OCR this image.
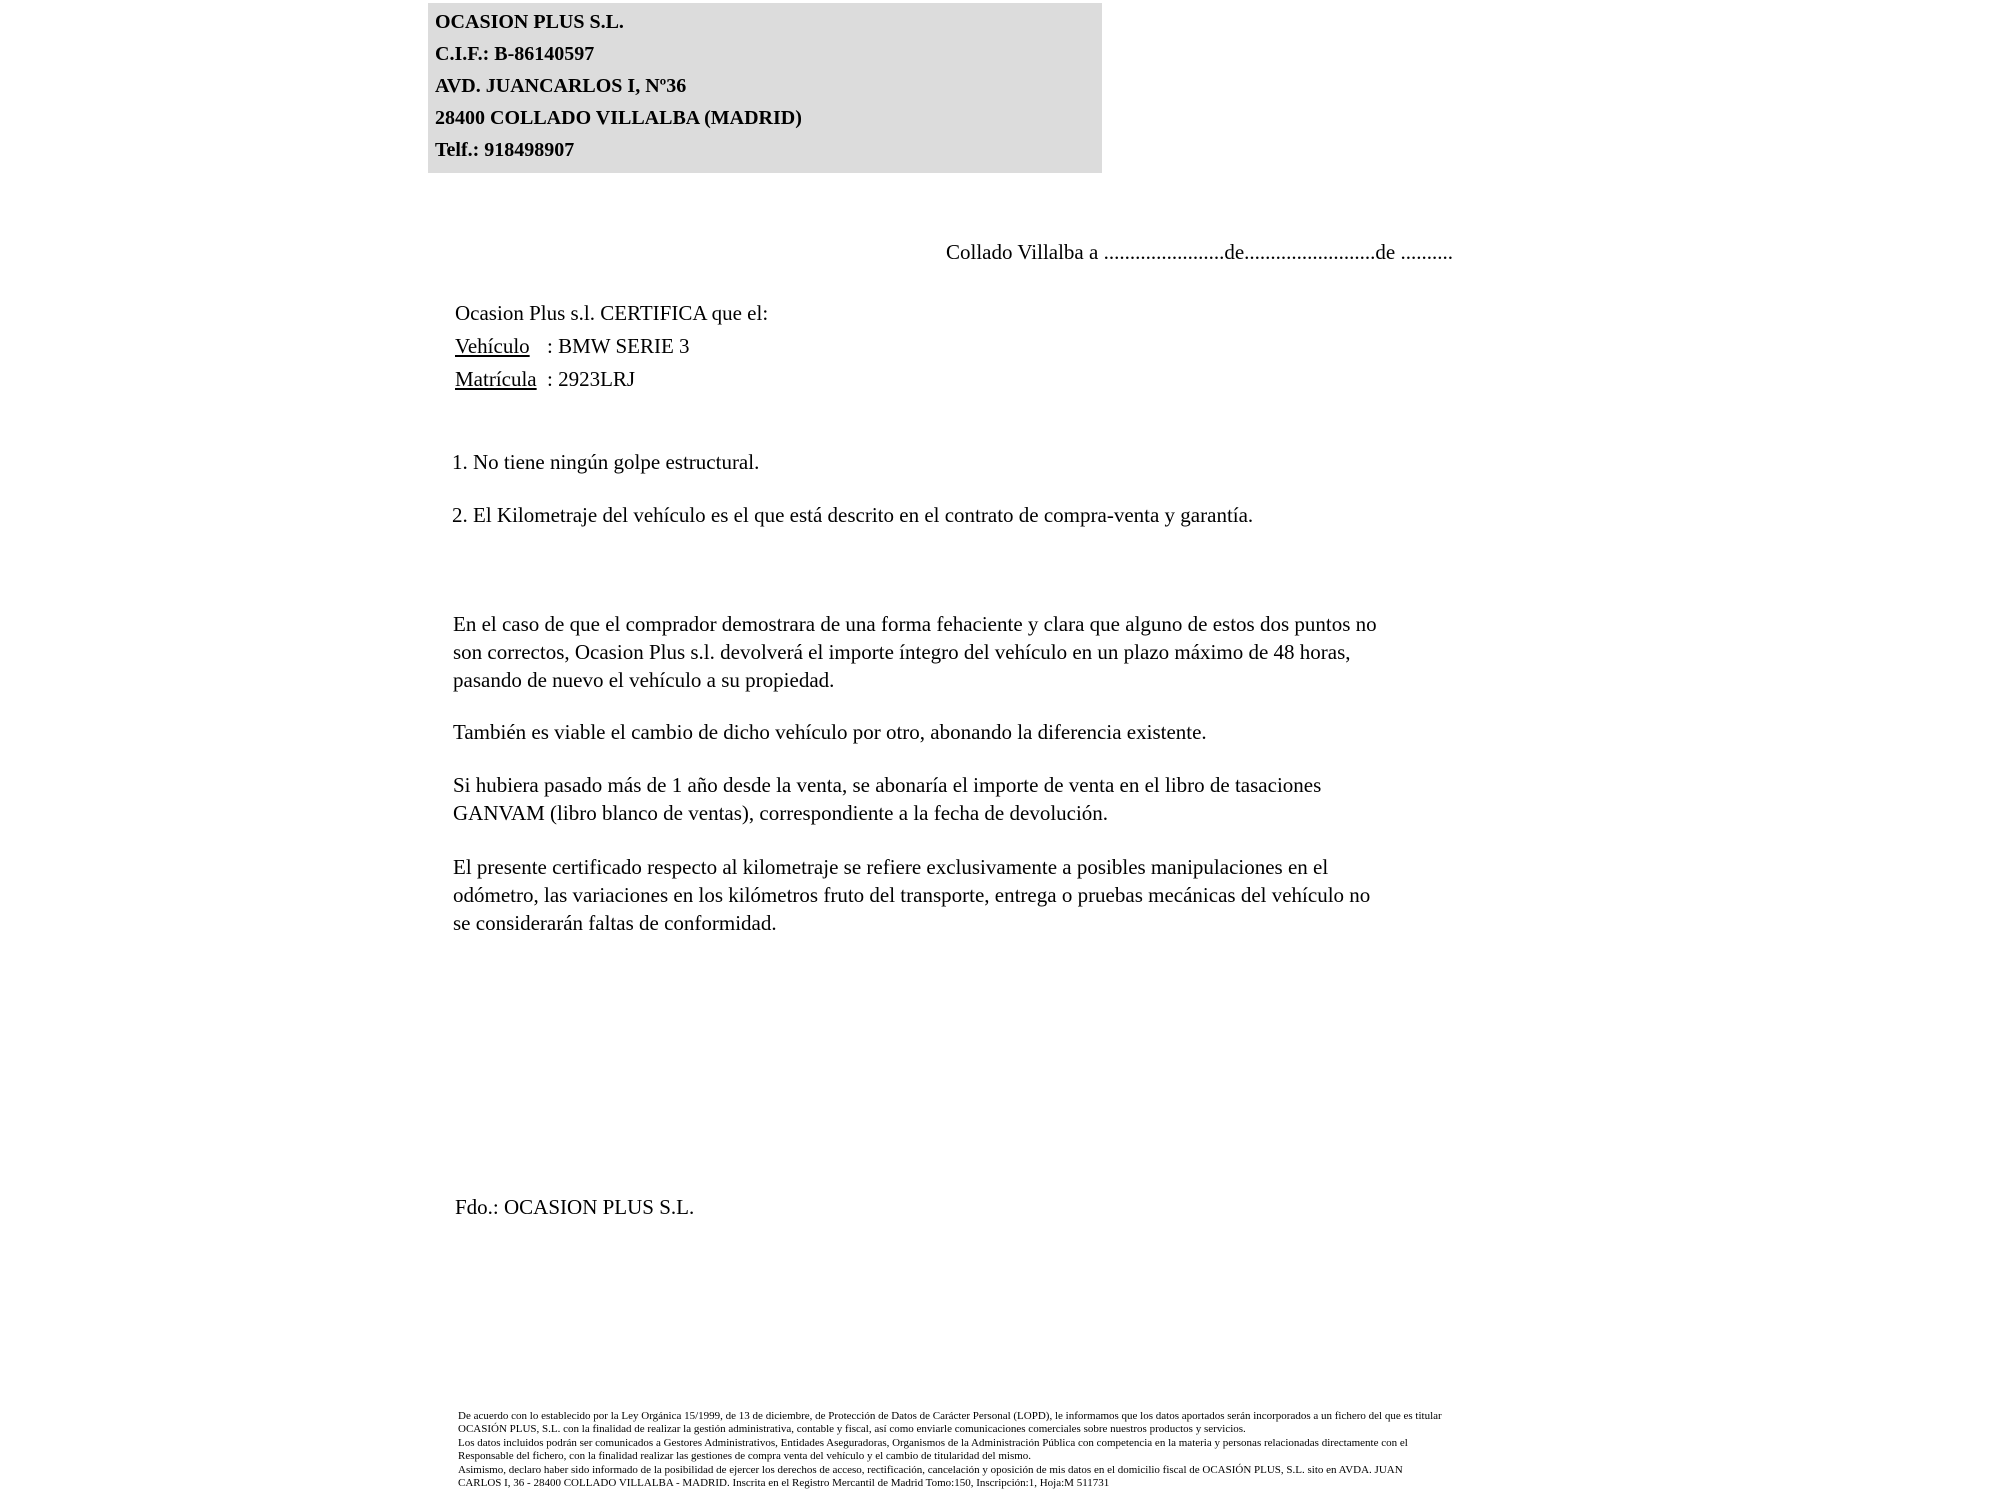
OCASION PLUS S.L.
C.I.F.: B-86140597
AVD. JUANCARLOS I, Nº36
28400 COLLADO VILLALBA (MADRID)
Telf.: 918498907
Collado Villalba a .......................de.........................de ..........
Ocasion Plus s.l. CERTIFICA que el:
Vehículo : BMW SERIE 3
Matrícula : 2923LRJ
1. No tiene ningún golpe estructural.
2. El Kilometraje del vehículo es el que está descrito en el contrato de compra-venta y garantía.
En el caso de que el comprador demostrara de una forma fehaciente y clara que alguno de estos dos puntos no
son correctos, Ocasion Plus s.l. devolverá el importe íntegro del vehículo en un plazo máximo de 48 horas,
pasando de nuevo el vehículo a su propiedad.
También es viable el cambio de dicho vehículo por otro, abonando la diferencia existente.
Si hubiera pasado más de 1 año desde la venta, se abonaría el importe de venta en el libro de tasaciones
GANVAM (libro blanco de ventas), correspondiente a la fecha de devolución.
El presente certificado respecto al kilometraje se refiere exclusivamente a posibles manipulaciones en el
odómetro, las variaciones en los kilómetros fruto del transporte, entrega o pruebas mecánicas del vehículo no
se considerarán faltas de conformidad.
Fdo.: OCASION PLUS S.L.
De acuerdo con lo establecido por la Ley Orgánica 15/1999, de 13 de diciembre, de Protección de Datos de Carácter Personal (LOPD), le informamos que los datos aportados serán incorporados a un fichero del que es titular
OCASIÓN PLUS, S.L. con la finalidad de realizar la gestión administrativa, contable y fiscal, así como enviarle comunicaciones comerciales sobre nuestros productos y servicios.
Los datos incluidos podrán ser comunicados a Gestores Administrativos, Entidades Aseguradoras, Organismos de la Administración Pública con competencia en la materia y personas relacionadas directamente con el
Responsable del fichero, con la finalidad realizar las gestiones de compra venta del vehículo y el cambio de titularidad del mismo.
Asimismo, declaro haber sido informado de la posibilidad de ejercer los derechos de acceso, rectificación, cancelación y oposición de mis datos en el domicilio fiscal de OCASIÓN PLUS, S.L. sito en AVDA. JUAN
CARLOS I, 36 - 28400 COLLADO VILLALBA - MADRID. Inscrita en el Registro Mercantil de Madrid Tomo:150, Inscripción:1, Hoja:M 511731
